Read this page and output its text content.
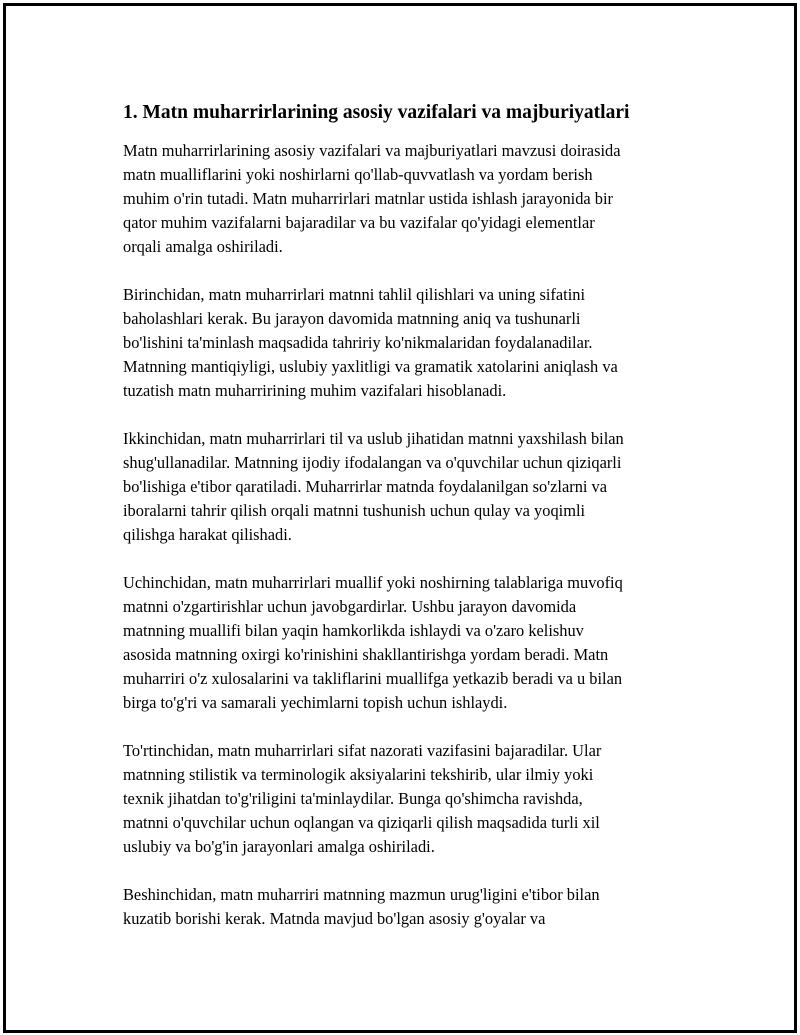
1. Matn muharrirlarining asosiy vazifalari va majburiyatlari

Matn muharrirlarining asosiy vazifalari va majburiyatlari mavzusi doirasida
matn mualliflarini yoki noshirlarni qo'llab-quvvatlash va yordam berish
muhim o'rin tutadi. Matn muharrirlari matnlar ustida ishlash jarayonida bir
qator muhim vazifalarni bajaradilar va bu vazifalar qo'yidagi elementlar
orqali amalga oshiriladi.

Birinchidan, matn muharrirlari matnni tahlil qilishlari va uning sifatini
baholashlari kerak. Bu jarayon davomida matnning aniq va tushunarli
bo'lishini ta'minlash maqsadida tahririy ko'nikmalaridan foydalanadilar.
Matnning mantiqiyligi, uslubiy yaxlitligi va gramatik xatolarini aniqlash va
tuzatish matn muharririning muhim vazifalari hisoblanadi.

Ikkinchidan, matn muharrirlari til va uslub jihatidan matnni yaxshilash bilan
shug'ullanadilar. Matnning ijodiy ifodalangan va o'quvchilar uchun qiziqarli
bo'lishiga e'tibor qaratiladi. Muharrirlar matnda foydalanilgan so'zlarni va
iboralarni tahrir qilish orqali matnni tushunish uchun qulay va yoqimli
qilishga harakat qilishadi.

Uchinchidan, matn muharrirlari muallif yoki noshirning talablariga muvofiq
matnni o'zgartirishlar uchun javobgardirlar. Ushbu jarayon davomida
matnning muallifi bilan yaqin hamkorlikda ishlaydi va o'zaro kelishuv
asosida matnning oxirgi ko'rinishini shakllantirishga yordam beradi. Matn
muharriri o'z xulosalarini va takliflarini muallifga yetkazib beradi va u bilan
birga to'g'ri va samarali yechimlarni topish uchun ishlaydi.

To'rtinchidan, matn muharrirlari sifat nazorati vazifasini bajaradilar. Ular
matnning stilistik va terminologik aksiyalarini tekshirib, ular ilmiy yoki
texnik jihatdan to'g'riligini ta'minlaydilar. Bunga qo'shimcha ravishda,
matnni o'quvchilar uchun oqlangan va qiziqarli qilish maqsadida turli xil
uslubiy va bo'g'in jarayonlari amalga oshiriladi.

Beshinchidan, matn muharriri matnning mazmun urug'ligini e'tibor bilan
kuzatib borishi kerak. Matnda mavjud bo'lgan asosiy g'oyalar va
